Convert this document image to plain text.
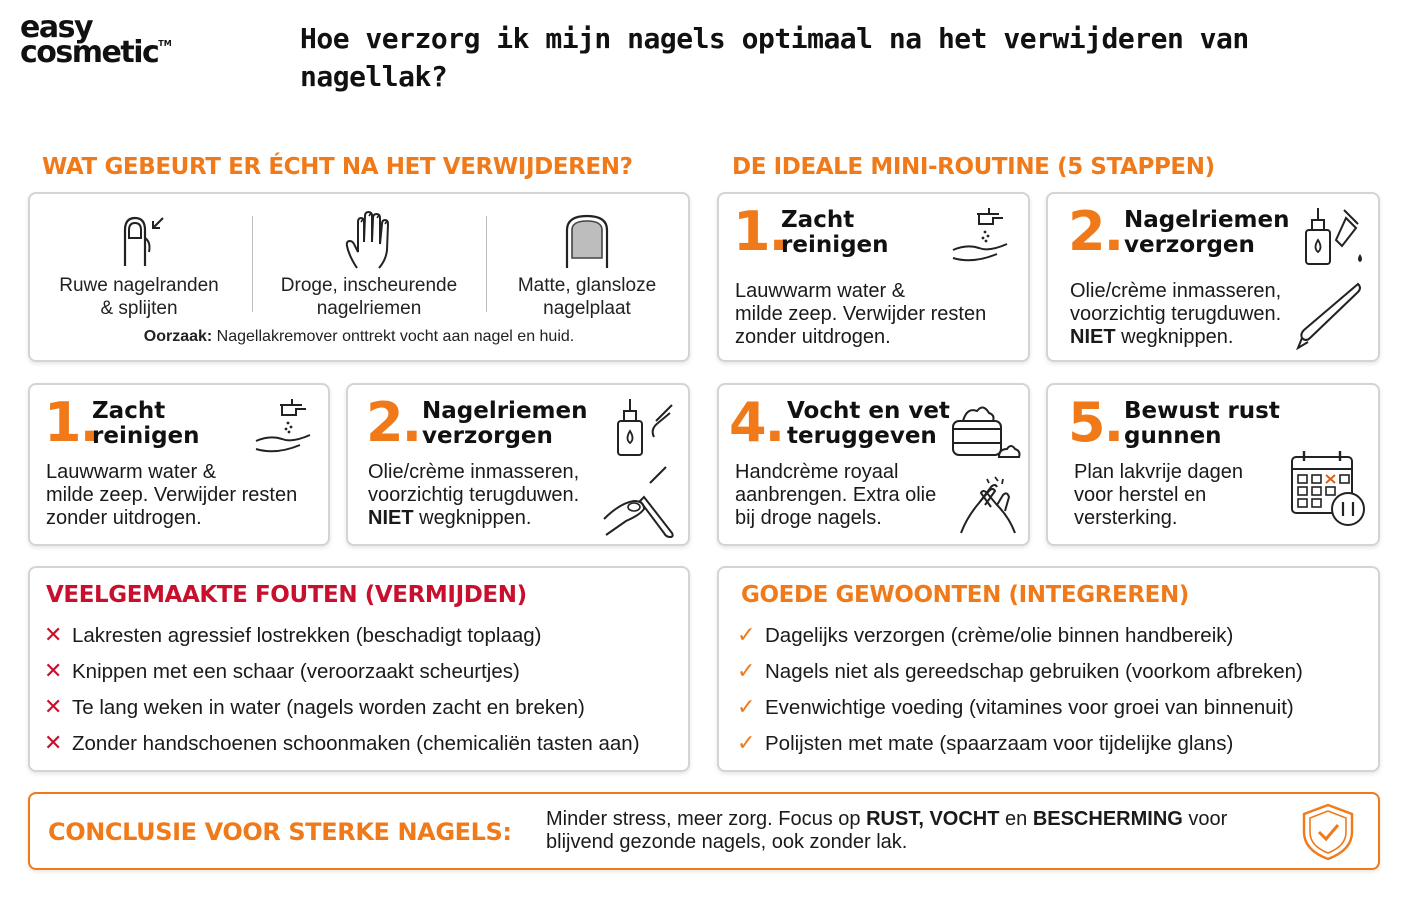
easy
cosmetic™	Hoe verzorg ik mijn nagels optimaal na het verwijderen van nagellak?
WAT GEBEURT ER ÉCHT NA HET VERWIJDEREN?	DE IDEALE MINI-ROUTINE (5 STAPPEN)
Ruwe nagelranden
& splijten
Droge, inscheurende
nagelriemen
Matte, glansloze
nagelplaat
Oorzaak: Nagellakremover onttrekt vocht aan nagel en huid.
1.
Zacht
reinigen
Lauwwarm water &
milde zeep. Verwijder resten
zonder uitdrogen.
2. Nagelriemen
verzorgen
Olie/crème inmasseren,
voorzichtig terugduwen.
NIET wegknippen.
1.
Zacht
reinigen
Lauwwarm water &
milde zeep. Verwijder resten
zonder uitdrogen.
2. Nagelriemen
verzorgen
Olie/crème inmasseren,
voorzichtig terugduwen.
NIET wegknippen.
4. Vocht en vet
teruggeven
Handcrème royaal
aanbrengen. Extra olie
bij droge nagels.
5. Bewust rust
gunnen
Plan lakvrije dagen
voor herstel en
versterking.
VEELGEMAAKTE FOUTEN (VERMIJDEN)
✕ Lakresten agressief lostrekken (beschadigt toplaag)
✕ Knippen met een schaar (veroorzaakt scheurtjes)
✕ Te lang weken in water (nagels worden zacht en breken)
✕ Zonder handschoenen schoonmaken (chemicaliën tasten aan)
GOEDE GEWOONTEN (INTEGREREN)
✓ Dagelijks verzorgen (crème/olie binnen handbereik)
✓ Nagels niet als gereedschap gebruiken (voorkom afbreken)
✓ Evenwichtige voeding (vitamines voor groei van binnenuit)
✓ Polijsten met mate (spaarzaam voor tijdelijke glans)
CONCLUSIE VOOR STERKE NAGELS: Minder stress, meer zorg. Focus op RUST, VOCHT en BESCHERMING voor
blijvend gezonde nagels, ook zonder lak.
